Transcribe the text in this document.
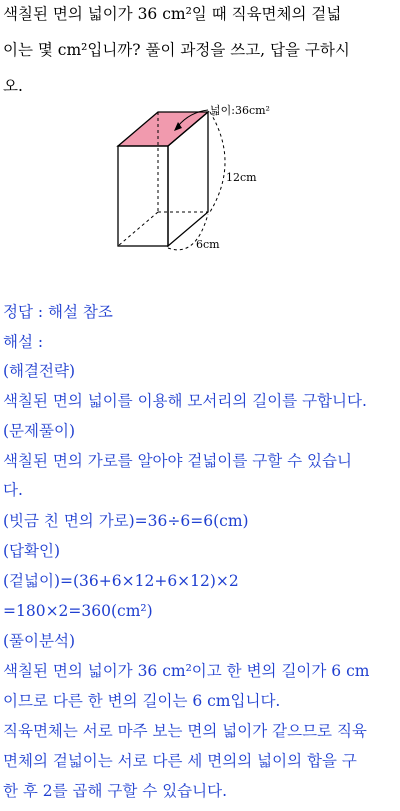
색칠된 면의 넓이가 36 cm²일 때 직육면체의 겉넓
이는 몇 cm²입니까? 풀이 과정을 쓰고, 답을 구하시
오.
넓이:36cm²
12cm
6cm
정답 : 해설 참조
해설 :
(해결전략)
색칠된 면의 넓이를 이용해 모서리의 길이를 구합니다.
(문제풀이)
색칠된 면의 가로를 알아야 겉넓이를 구할 수 있습니
다.
(빗금 친 면의 가로)=36÷6=6(cm)
(답확인)
(겉넓이)=(36+6×12+6×12)×2
=180×2=360(cm²)
(풀이분석)
색칠된 면의 넓이가 36 cm²이고 한 변의 길이가 6 cm
이므로 다른 한 변의 길이는 6 cm입니다.
직육면체는 서로 마주 보는 면의 넓이가 같으므로 직육
면체의 겉넓이는 서로 다른 세 면의의 넓이의 합을 구
한 후 2를 곱해 구할 수 있습니다.
